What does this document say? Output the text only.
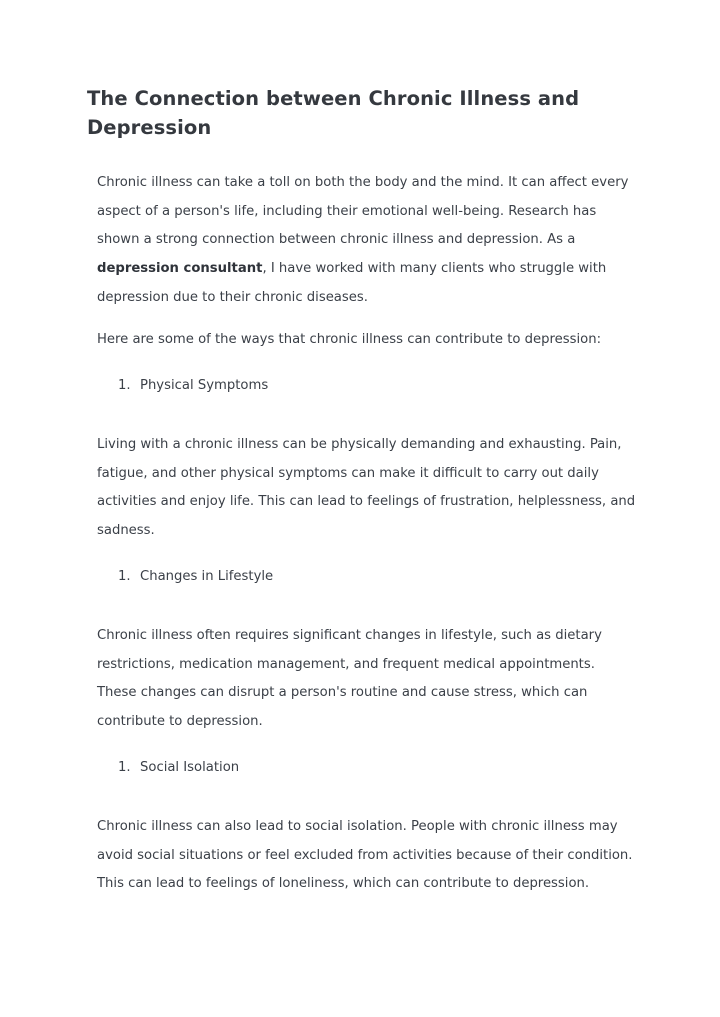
The Connection between Chronic Illness and Depression

Chronic illness can take a toll on both the body and the mind. It can affect every aspect of a person's life, including their emotional well-being. Research has shown a strong connection between chronic illness and depression. As a depression consultant, I have worked with many clients who struggle with depression due to their chronic diseases.

Here are some of the ways that chronic illness can contribute to depression:

1. Physical Symptoms

Living with a chronic illness can be physically demanding and exhausting. Pain, fatigue, and other physical symptoms can make it difficult to carry out daily activities and enjoy life. This can lead to feelings of frustration, helplessness, and sadness.

1. Changes in Lifestyle

Chronic illness often requires significant changes in lifestyle, such as dietary restrictions, medication management, and frequent medical appointments. These changes can disrupt a person's routine and cause stress, which can contribute to depression.

1. Social Isolation

Chronic illness can also lead to social isolation. People with chronic illness may avoid social situations or feel excluded from activities because of their condition. This can lead to feelings of loneliness, which can contribute to depression.
